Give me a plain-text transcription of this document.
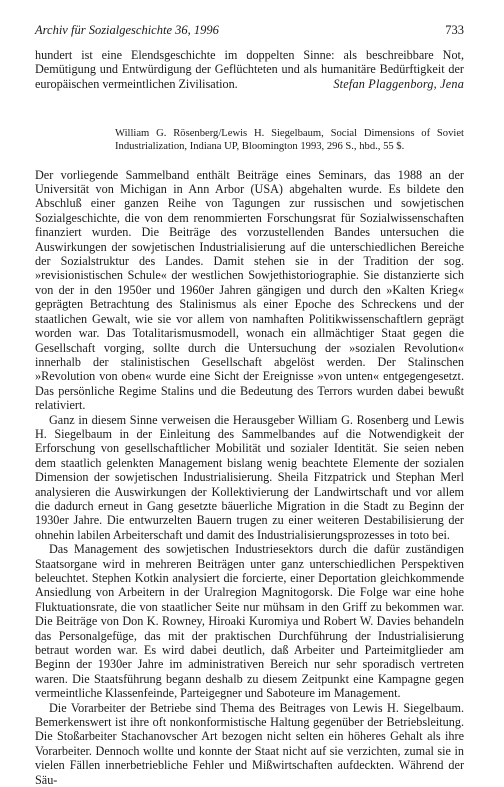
Archiv für Sozialgeschichte 36, 1996	733
hundert ist eine Elendsgeschichte im doppelten Sinne: als beschreibbare Not, Demütigung und Entwürdigung der Geflüchteten und als humanitäre Bedürftigkeit der europäischen vermeintlichen Zivilisation.	Stefan Plaggenborg, Jena
William G. Rösenberg/Lewis H. Siegelbaum, Social Dimensions of Soviet Industrialization, Indiana UP, Bloomington 1993, 296 S., hbd., 55 $.

Der vorliegende Sammelband enthält Beiträge eines Seminars, das 1988 an der Universität von Michigan in Ann Arbor (USA) abgehalten wurde. Es bildete den Abschluß einer ganzen Reihe von Tagungen zur russischen und sowjetischen Sozialgeschichte, die von dem renommierten Forschungsrat für Sozialwissenschaften finanziert wurden. Die Beiträge des vorzustellenden Bandes untersuchen die Auswirkungen der sowjetischen Industrialisierung auf die unterschiedlichen Bereiche der Sozialstruktur des Landes. Damit stehen sie in der Tradition der sog. »revisionistischen Schule« der westlichen Sowjethistoriographie. Sie distanzierte sich von der in den 1950er und 1960er Jahren gängigen und durch den »Kalten Krieg« geprägten Betrachtung des Stalinismus als einer Epoche des Schreckens und der staatlichen Gewalt, wie sie vor allem von namhaften Politikwissenschaftlern geprägt worden war. Das Totalitarismusmodell, wonach ein allmächtiger Staat gegen die Gesellschaft vorging, sollte durch die Untersuchung der »sozialen Revolution« innerhalb der stalinistischen Gesellschaft abgelöst werden. Der Stalinschen »Revolution von oben« wurde eine Sicht der Ereignisse »von unten« entgegengesetzt. Das persönliche Regime Stalins und die Bedeutung des Terrors wurden dabei bewußt relativiert.

Ganz in diesem Sinne verweisen die Herausgeber William G. Rosenberg und Lewis H. Siegelbaum in der Einleitung des Sammelbandes auf die Notwendigkeit der Erforschung von gesellschaftlicher Mobilität und sozialer Identität. Sie seien neben dem staatlich gelenkten Management bislang wenig beachtete Elemente der sozialen Dimension der sowjetischen Industrialisierung. Sheila Fitzpatrick und Stephan Merl analysieren die Auswirkungen der Kollektivierung der Landwirtschaft und vor allem die dadurch erneut in Gang gesetzte bäuerliche Migration in die Stadt zu Beginn der 1930er Jahre. Die entwurzelten Bauern trugen zu einer weiteren Destabilisierung der ohnehin labilen Arbeiterschaft und damit des Industrialisierungsprozesses in toto bei.

Das Management des sowjetischen Industriesektors durch die dafür zuständigen Staatsorgane wird in mehreren Beiträgen unter ganz unterschiedlichen Perspektiven beleuchtet. Stephen Kotkin analysiert die forcierte, einer Deportation gleichkommende Ansiedlung von Arbeitern in der Uralregion Magnitogorsk. Die Folge war eine hohe Fluktuationsrate, die von staatlicher Seite nur mühsam in den Griff zu bekommen war. Die Beiträge von Don K. Rowney, Hiroaki Kuromiya und Robert W. Davies behandeln das Personalgefüge, das mit der praktischen Durchführung der Industrialisierung betraut worden war. Es wird dabei deutlich, daß Arbeiter und Parteimitglieder am Beginn der 1930er Jahre im administrativen Bereich nur sehr sporadisch vertreten waren. Die Staatsführung begann deshalb zu diesem Zeitpunkt eine Kampagne gegen vermeintliche Klassenfeinde, Parteigegner und Saboteure im Management.

Die Vorarbeiter der Betriebe sind Thema des Beitrages von Lewis H. Siegelbaum. Bemerkenswert ist ihre oft nonkonformistische Haltung gegenüber der Betriebsleitung. Die Stoßarbeiter Stachanovscher Art bezogen nicht selten ein höheres Gehalt als ihre Vorarbeiter. Dennoch wollte und konnte der Staat nicht auf sie verzichten, zumal sie in vielen Fällen innerbetriebliche Fehler und Mißwirtschaften aufdeckten. Während der Säu-
